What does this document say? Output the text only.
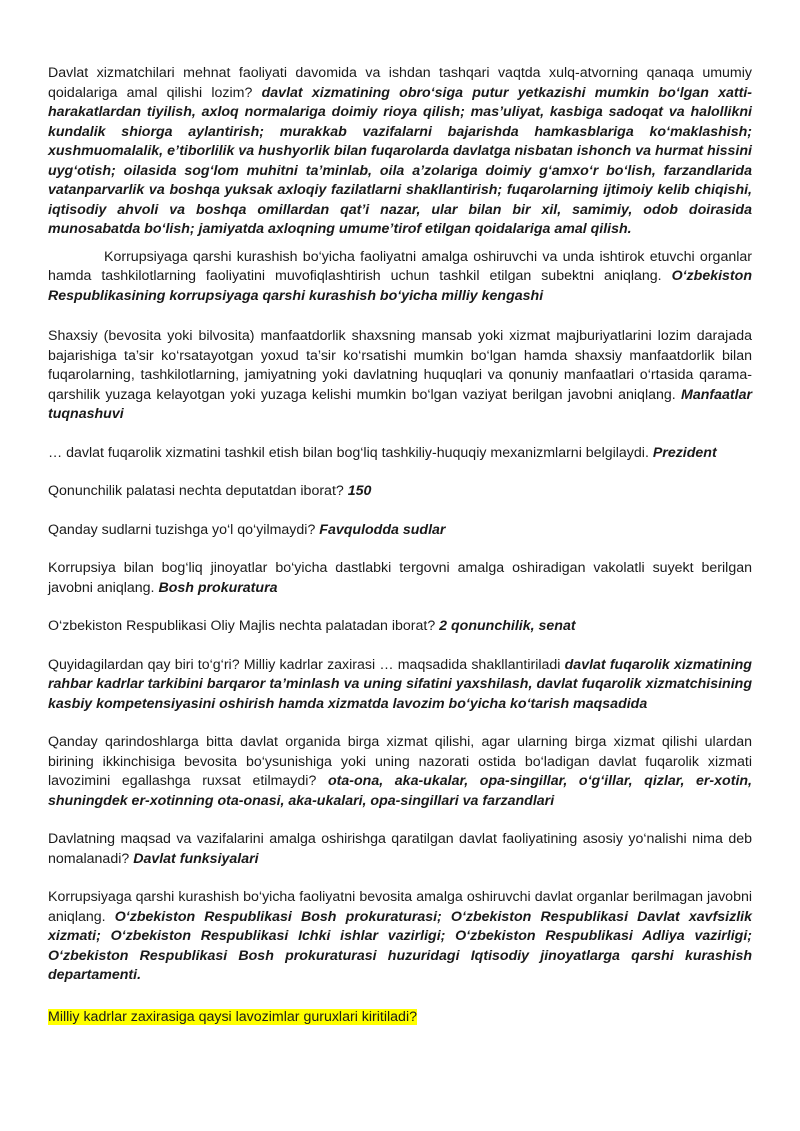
Davlat xizmatchilari mehnat faoliyati davomida va ishdan tashqari vaqtda xulq-atvorning qanaqa umumiy qoidalariga amal qilishi lozim? davlat xizmatining obro‘siga putur yetkazishi mumkin bo‘lgan xatti-harakatlardan tiyilish, axloq normalariga doimiy rioya qilish; mas’uliyat, kasbiga sadoqat va halollikni kundalik shiorga aylantirish; murakkab vazifalarni bajarishda hamkasblariga ko‘maklashish; xushmuomalalik, e’tiborlilik va hushyorlik bilan fuqarolarda davlatga nisbatan ishonch va hurmat hissini uyg‘otish; oilasida sog‘lom muhitni ta’minlab, oila a’zolariga doimiy g‘amxo‘r bo‘lish, farzandlarida vatanparvarlik va boshqa yuksak axloqiy fazilatlarni shakllantirish; fuqarolarning ijtimoiy kelib chiqishi, iqtisodiy ahvoli va boshqa omillardan qat’i nazar, ular bilan bir xil, samimiy, odob doirasida munosabatda bo‘lish; jamiyatda axloqning umume’tirof etilgan qoidalariga amal qilish.

Korrupsiyaga qarshi kurashish bo‘yicha faoliyatni amalga oshiruvchi va unda ishtirok etuvchi organlar hamda tashkilotlarning faoliyatini muvofiqlashtirish uchun tashkil etilgan subektni aniqlang. O‘zbekiston Respublikasining korrupsiyaga qarshi kurashish bo‘yicha milliy kengashi

Shaxsiy (bevosita yoki bilvosita) manfaatdorlik shaxsning mansab yoki xizmat majburiyatlarini lozim darajada bajarishiga ta’sir ko‘rsatayotgan yoxud ta’sir ko‘rsatishi mumkin bo‘lgan hamda shaxsiy manfaatdorlik bilan fuqarolarning, tashkilotlarning, jamiyatning yoki davlatning huquqlari va qonuniy manfaatlari o‘rtasida qarama-qarshilik yuzaga kelayotgan yoki yuzaga kelishi mumkin bo‘lgan vaziyat berilgan javobni aniqlang. Manfaatlar tuqnashuvi

… davlat fuqarolik xizmatini tashkil etish bilan bog‘liq tashkiliy-huquqiy mexanizmlarni belgilaydi. Prezident

Qonunchilik palatasi nechta deputatdan iborat? 150

Qanday sudlarni tuzishga yo‘l qo‘yilmaydi? Favqulodda sudlar

Korrupsiya bilan bog‘liq jinoyatlar bo‘yicha dastlabki tergovni amalga oshiradigan vakolatli suyekt berilgan javobni aniqlang. Bosh prokuratura

O‘zbekiston Respublikasi Oliy Majlis nechta palatadan iborat? 2 qonunchilik, senat

Quyidagilardan qay biri to‘g‘ri? Milliy kadrlar zaxirasi … maqsadida shakllantiriladi davlat fuqarolik xizmatining rahbar kadrlar tarkibini barqaror ta’minlash va uning sifatini yaxshilash, davlat fuqarolik xizmatchisining kasbiy kompetensiyasini oshirish hamda xizmatda lavozim bo‘yicha ko‘tarish maqsadida

Qanday qarindoshlarga bitta davlat organida birga xizmat qilishi, agar ularning birga xizmat qilishi ulardan birining ikkinchisiga bevosita bo‘ysunishiga yoki uning nazorati ostida bo‘ladigan davlat fuqarolik xizmati lavozimini egallashga ruxsat etilmaydi? ota-ona, aka-ukalar, opa-singillar, o‘g‘illar, qizlar, er-xotin, shuningdek er-xotinning ota-onasi, aka-ukalari, opa-singillari va farzandlari

Davlatning maqsad va vazifalarini amalga oshirishga qaratilgan davlat faoliyatining asosiy yo‘nalishi nima deb nomalanadi? Davlat funksiyalari

Korrupsiyaga qarshi kurashish bo‘yicha faoliyatni bevosita amalga oshiruvchi davlat organlar berilmagan javobni aniqlang. O‘zbekiston Respublikasi Bosh prokuraturasi; O‘zbekiston Respublikasi Davlat xavfsizlik xizmati; O‘zbekiston Respublikasi Ichki ishlar vazirligi; O‘zbekiston Respublikasi Adliya vazirligi; O‘zbekiston Respublikasi Bosh prokuraturasi huzuridagi Iqtisodiy jinoyatlarga qarshi kurashish departamenti.

Milliy kadrlar zaxirasiga qaysi lavozimlar guruxlari kiritiladi?
